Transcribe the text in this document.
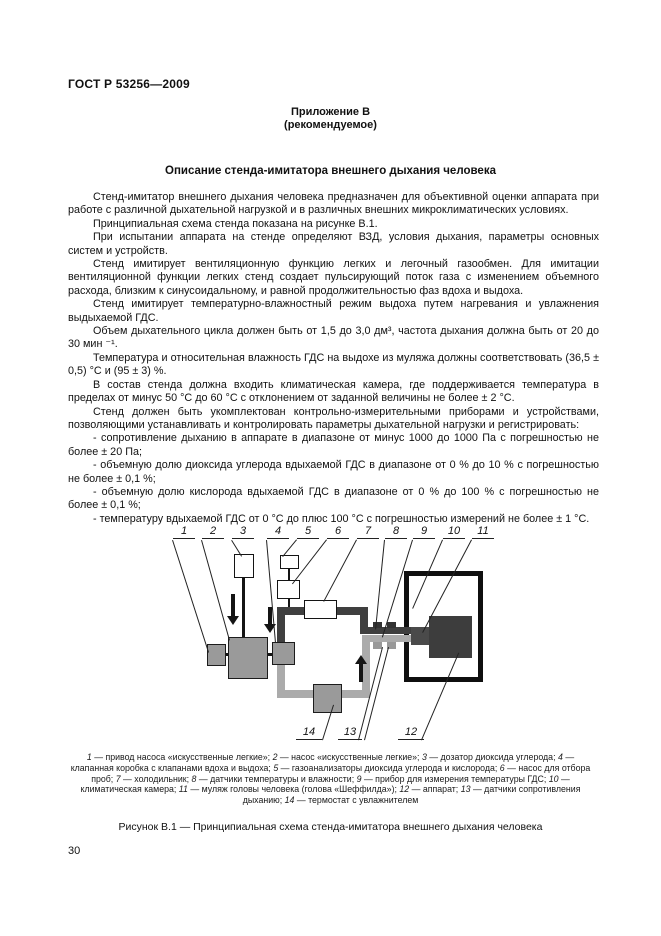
ГОСТ Р 53256—2009
Приложение В
(рекомендуемое)
Описание стенда-имитатора внешнего дыхания человека

Стенд-имитатор внешнего дыхания человека предназначен для объективной оценки аппарата при работе с различной дыхательной нагрузкой и в различных внешних микроклиматических условиях.

Принципиальная схема стенда показана на рисунке В.1.

При испытании аппарата на стенде определяют ВЗД, условия дыхания, параметры основных систем и устройств.

Стенд имитирует вентиляционную функцию легких и легочный газообмен. Для имитации вентиляционной функции легких стенд создает пульсирующий поток газа с изменением объемного расхода, близким к синусоидальному, и равной продолжительностью фаз вдоха и выдоха.

Стенд имитирует температурно-влажностный режим выдоха путем нагревания и увлажнения выдыхаемой ГДС.

Объем дыхательного цикла должен быть от 1,5 до 3,0 дм³, частота дыхания должна быть от 20 до 30 мин ⁻¹.

Температура и относительная влажность ГДС на выдохе из муляжа должны соответствовать (36,5 ± 0,5) °С и (95 ± 3) %.

В состав стенда должна входить климатическая камера, где поддерживается температура в пределах от минус 50 °С до 60 °С с отклонением от заданной величины не более ± 2 °С.

Стенд должен быть укомплектован контрольно-измерительными приборами и устройствами, позволяющими устанавливать и контролировать параметры дыхательной нагрузки и регистрировать:

- сопротивление дыханию в аппарате в диапазоне от минус 1000 до 1000 Па с погрешностью не более ± 20 Па;

- объемную долю диоксида углерода вдыхаемой ГДС в диапазоне от 0 % до 10 % с погрешностью не более ± 0,1 %;

- объемную долю кислорода вдыхаемой ГДС в диапазоне от 0 % до 100 % с погрешностью не более ± 0,1 %;

- температуру вдыхаемой ГДС от 0 °С до плюс 100 °С с погрешностью измерений не более ± 1 °С.

1	2	3	4	5	6	7	8	9	10	11
14	13	12
1 — привод насоса «искусственные легкие»; 2 — насос «искусственные легкие»; 3 — дозатор диоксида углерода; 4 — клапанная коробка с клапанами вдоха и выдоха; 5 — газоанализаторы диоксида углерода и кислорода; 6 — насос для отбора проб; 7 — холодильник; 8 — датчики температуры и влажности; 9 — прибор для измерения температуры ГДС; 10 — климатическая камера; 11 — муляж головы человека (голова «Шеффилда»); 12 — аппарат; 13 — датчики сопротивления дыханию; 14 — термостат с увлажнителем
Рисунок В.1 — Принципиальная схема стенда-имитатора внешнего дыхания человека
30
